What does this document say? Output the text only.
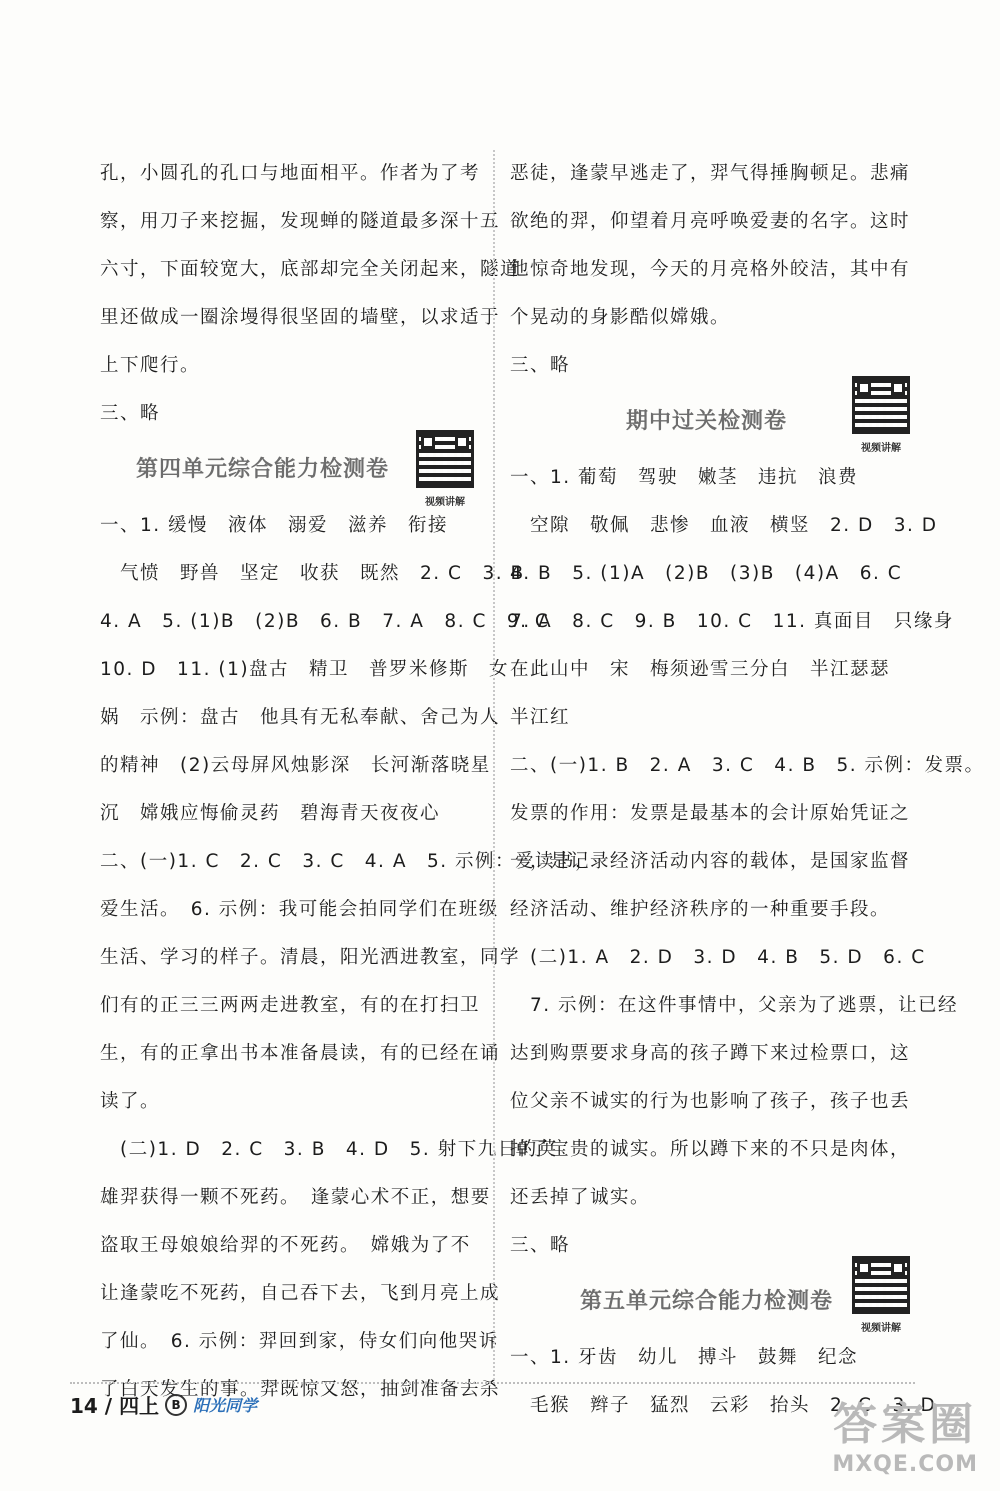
孔，小圆孔的孔口与地面相平。作者为了考
察，用刀子来挖掘，发现蝉的隧道最多深十五
六寸，下面较宽大，底部却完全关闭起来，隧道
里还做成一圈涂墁得很坚固的墙壁，以求适于
上下爬行。
三、略
第四单元综合能力检测卷
视频讲解
一、1. 缓慢　液体　溺爱　滋养　衔接
　气愤　野兽　坚定　收获　既然　2. C　3. B
4. A　5. (1)B　(2)B　6. B　7. A　8. C　9. C
10. D　11. (1)盘古　精卫　普罗米修斯　女
娲　示例：盘古　他具有无私奉献、舍己为人
的精神　(2)云母屏风烛影深　长河渐落晓星
沉　嫦娥应悔偷灵药　碧海青天夜夜心
二、(一)1. C　2. C　3. C　4. A　5. 示例：爱读书，
爱生活。　6. 示例：我可能会拍同学们在班级
生活、学习的样子。清晨，阳光洒进教室，同学
们有的正三三两两走进教室，有的在打扫卫
生，有的正拿出书本准备晨读，有的已经在诵
读了。
　(二)1. D　2. C　3. B　4. D　5. 射下九日的英
雄羿获得一颗不死药。　逢蒙心术不正，想要
盗取王母娘娘给羿的不死药。　嫦娥为了不
让逢蒙吃不死药，自己吞下去，飞到月亮上成
了仙。　6. 示例：羿回到家，侍女们向他哭诉
了白天发生的事。羿既惊又怒，抽剑准备去杀
恶徒，逢蒙早逃走了，羿气得捶胸顿足。悲痛
欲绝的羿，仰望着月亮呼唤爱妻的名字。这时
他惊奇地发现，今天的月亮格外皎洁，其中有
个晃动的身影酷似嫦娥。
三、略
期中过关检测卷
视频讲解
一、1. 葡萄　驾驶　嫩茎　违抗　浪费
　空隙　敬佩　悲惨　血液　横竖　2. D　3. D
4. B　5. (1)A　(2)B　(3)B　(4)A　6. C
7. A　8. C　9. B　10. C　11. 真面目　只缘身
在此山中　宋　梅须逊雪三分白　半江瑟瑟
半江红
二、(一)1. B　2. A　3. C　4. B　5. 示例：发票。
发票的作用：发票是最基本的会计原始凭证之
一，是记录经济活动内容的载体，是国家监督
经济活动、维护经济秩序的一种重要手段。
　(二)1. A　2. D　3. D　4. B　5. D　6. C
　7. 示例：在这件事情中，父亲为了逃票，让已经
达到购票要求身高的孩子蹲下来过检票口，这
位父亲不诚实的行为也影响了孩子，孩子也丢
掉了宝贵的诚实。所以蹲下来的不只是肉体，
还丢掉了诚实。
三、略
第五单元综合能力检测卷
视频讲解
一、1. 牙齿　幼儿　搏斗　鼓舞　纪念
　毛猴　辫子　猛烈　云彩　抬头　2. C　3. D
14 / 四上	B 阳光同学	答案圈
MXQE.COM
